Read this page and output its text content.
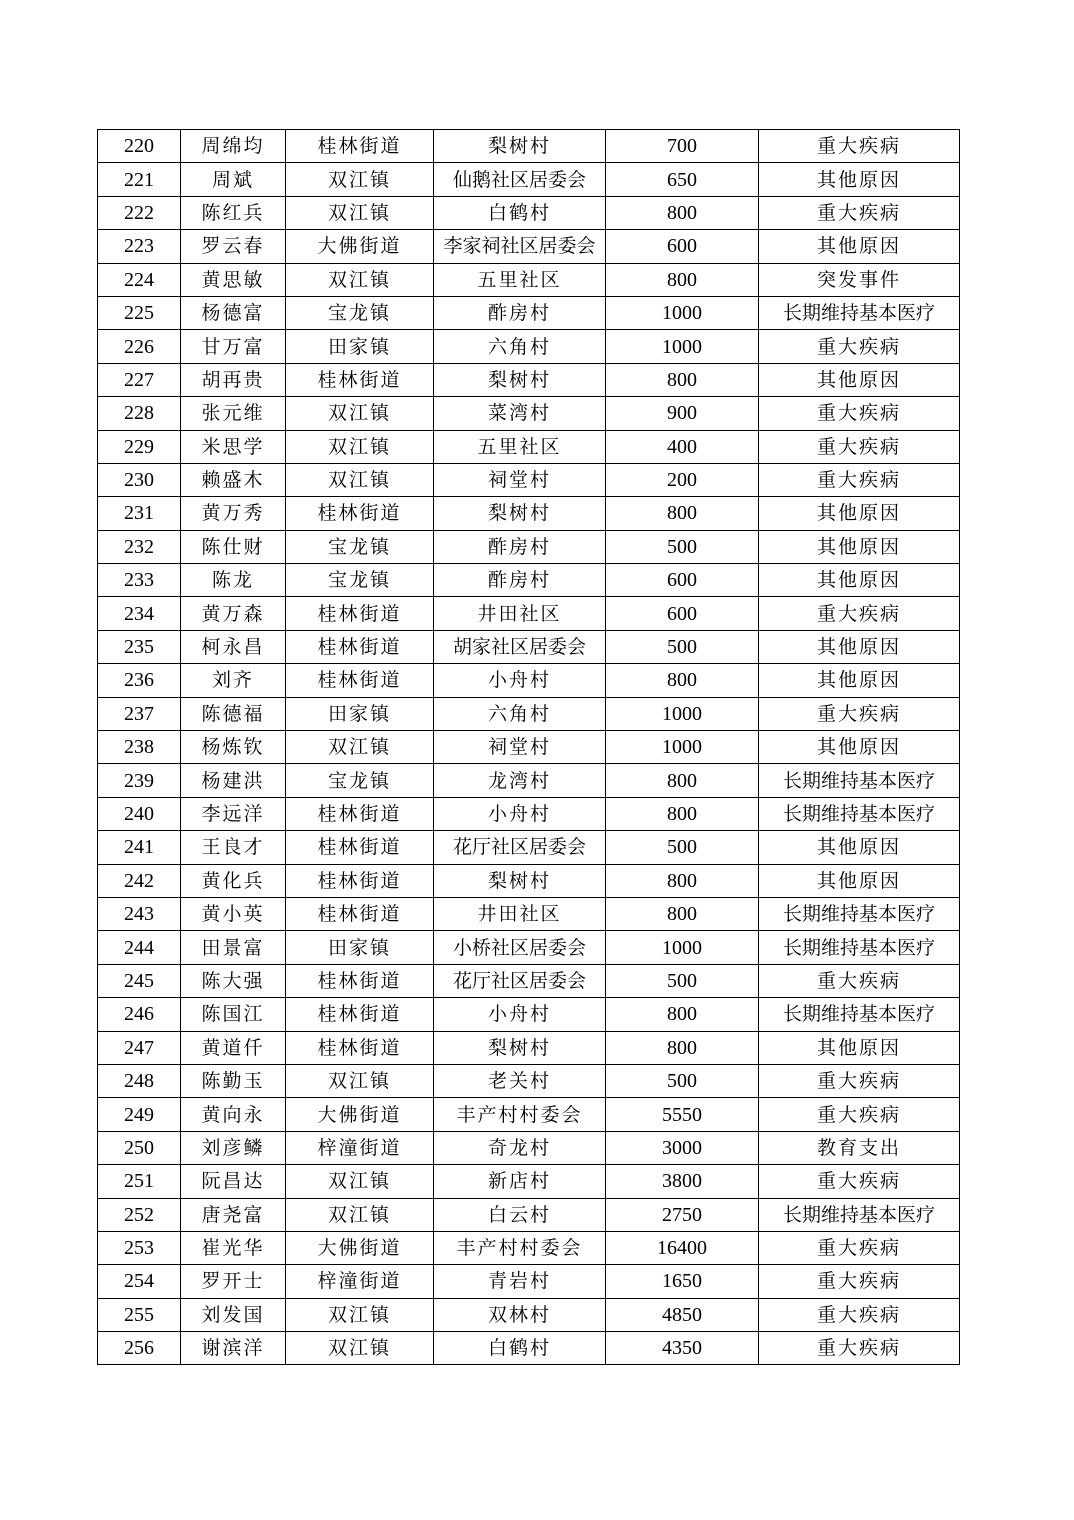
220	周绵均	桂林街道	梨树村	700	重大疾病
221	周斌	双江镇	仙鹅社区居委会	650	其他原因
222	陈红兵	双江镇	白鹤村	800	重大疾病
223	罗云春	大佛街道	李家祠社区居委会	600	其他原因
224	黄思敏	双江镇	五里社区	800	突发事件
225	杨德富	宝龙镇	酢房村	1000	长期维持基本医疗
226	甘万富	田家镇	六角村	1000	重大疾病
227	胡再贵	桂林街道	梨树村	800	其他原因
228	张元维	双江镇	菜湾村	900	重大疾病
229	米思学	双江镇	五里社区	400	重大疾病
230	赖盛木	双江镇	祠堂村	200	重大疾病
231	黄万秀	桂林街道	梨树村	800	其他原因
232	陈仕财	宝龙镇	酢房村	500	其他原因
233	陈龙	宝龙镇	酢房村	600	其他原因
234	黄万森	桂林街道	井田社区	600	重大疾病
235	柯永昌	桂林街道	胡家社区居委会	500	其他原因
236	刘齐	桂林街道	小舟村	800	其他原因
237	陈德福	田家镇	六角村	1000	重大疾病
238	杨炼钦	双江镇	祠堂村	1000	其他原因
239	杨建洪	宝龙镇	龙湾村	800	长期维持基本医疗
240	李远洋	桂林街道	小舟村	800	长期维持基本医疗
241	王良才	桂林街道	花厅社区居委会	500	其他原因
242	黄化兵	桂林街道	梨树村	800	其他原因
243	黄小英	桂林街道	井田社区	800	长期维持基本医疗
244	田景富	田家镇	小桥社区居委会	1000	长期维持基本医疗
245	陈大强	桂林街道	花厅社区居委会	500	重大疾病
246	陈国江	桂林街道	小舟村	800	长期维持基本医疗
247	黄道仟	桂林街道	梨树村	800	其他原因
248	陈勤玉	双江镇	老关村	500	重大疾病
249	黄向永	大佛街道	丰产村村委会	5550	重大疾病
250	刘彦鳞	梓潼街道	奇龙村	3000	教育支出
251	阮昌达	双江镇	新店村	3800	重大疾病
252	唐尧富	双江镇	白云村	2750	长期维持基本医疗
253	崔光华	大佛街道	丰产村村委会	16400	重大疾病
254	罗开士	梓潼街道	青岩村	1650	重大疾病
255	刘发国	双江镇	双林村	4850	重大疾病
256	谢滨洋	双江镇	白鹤村	4350	重大疾病
